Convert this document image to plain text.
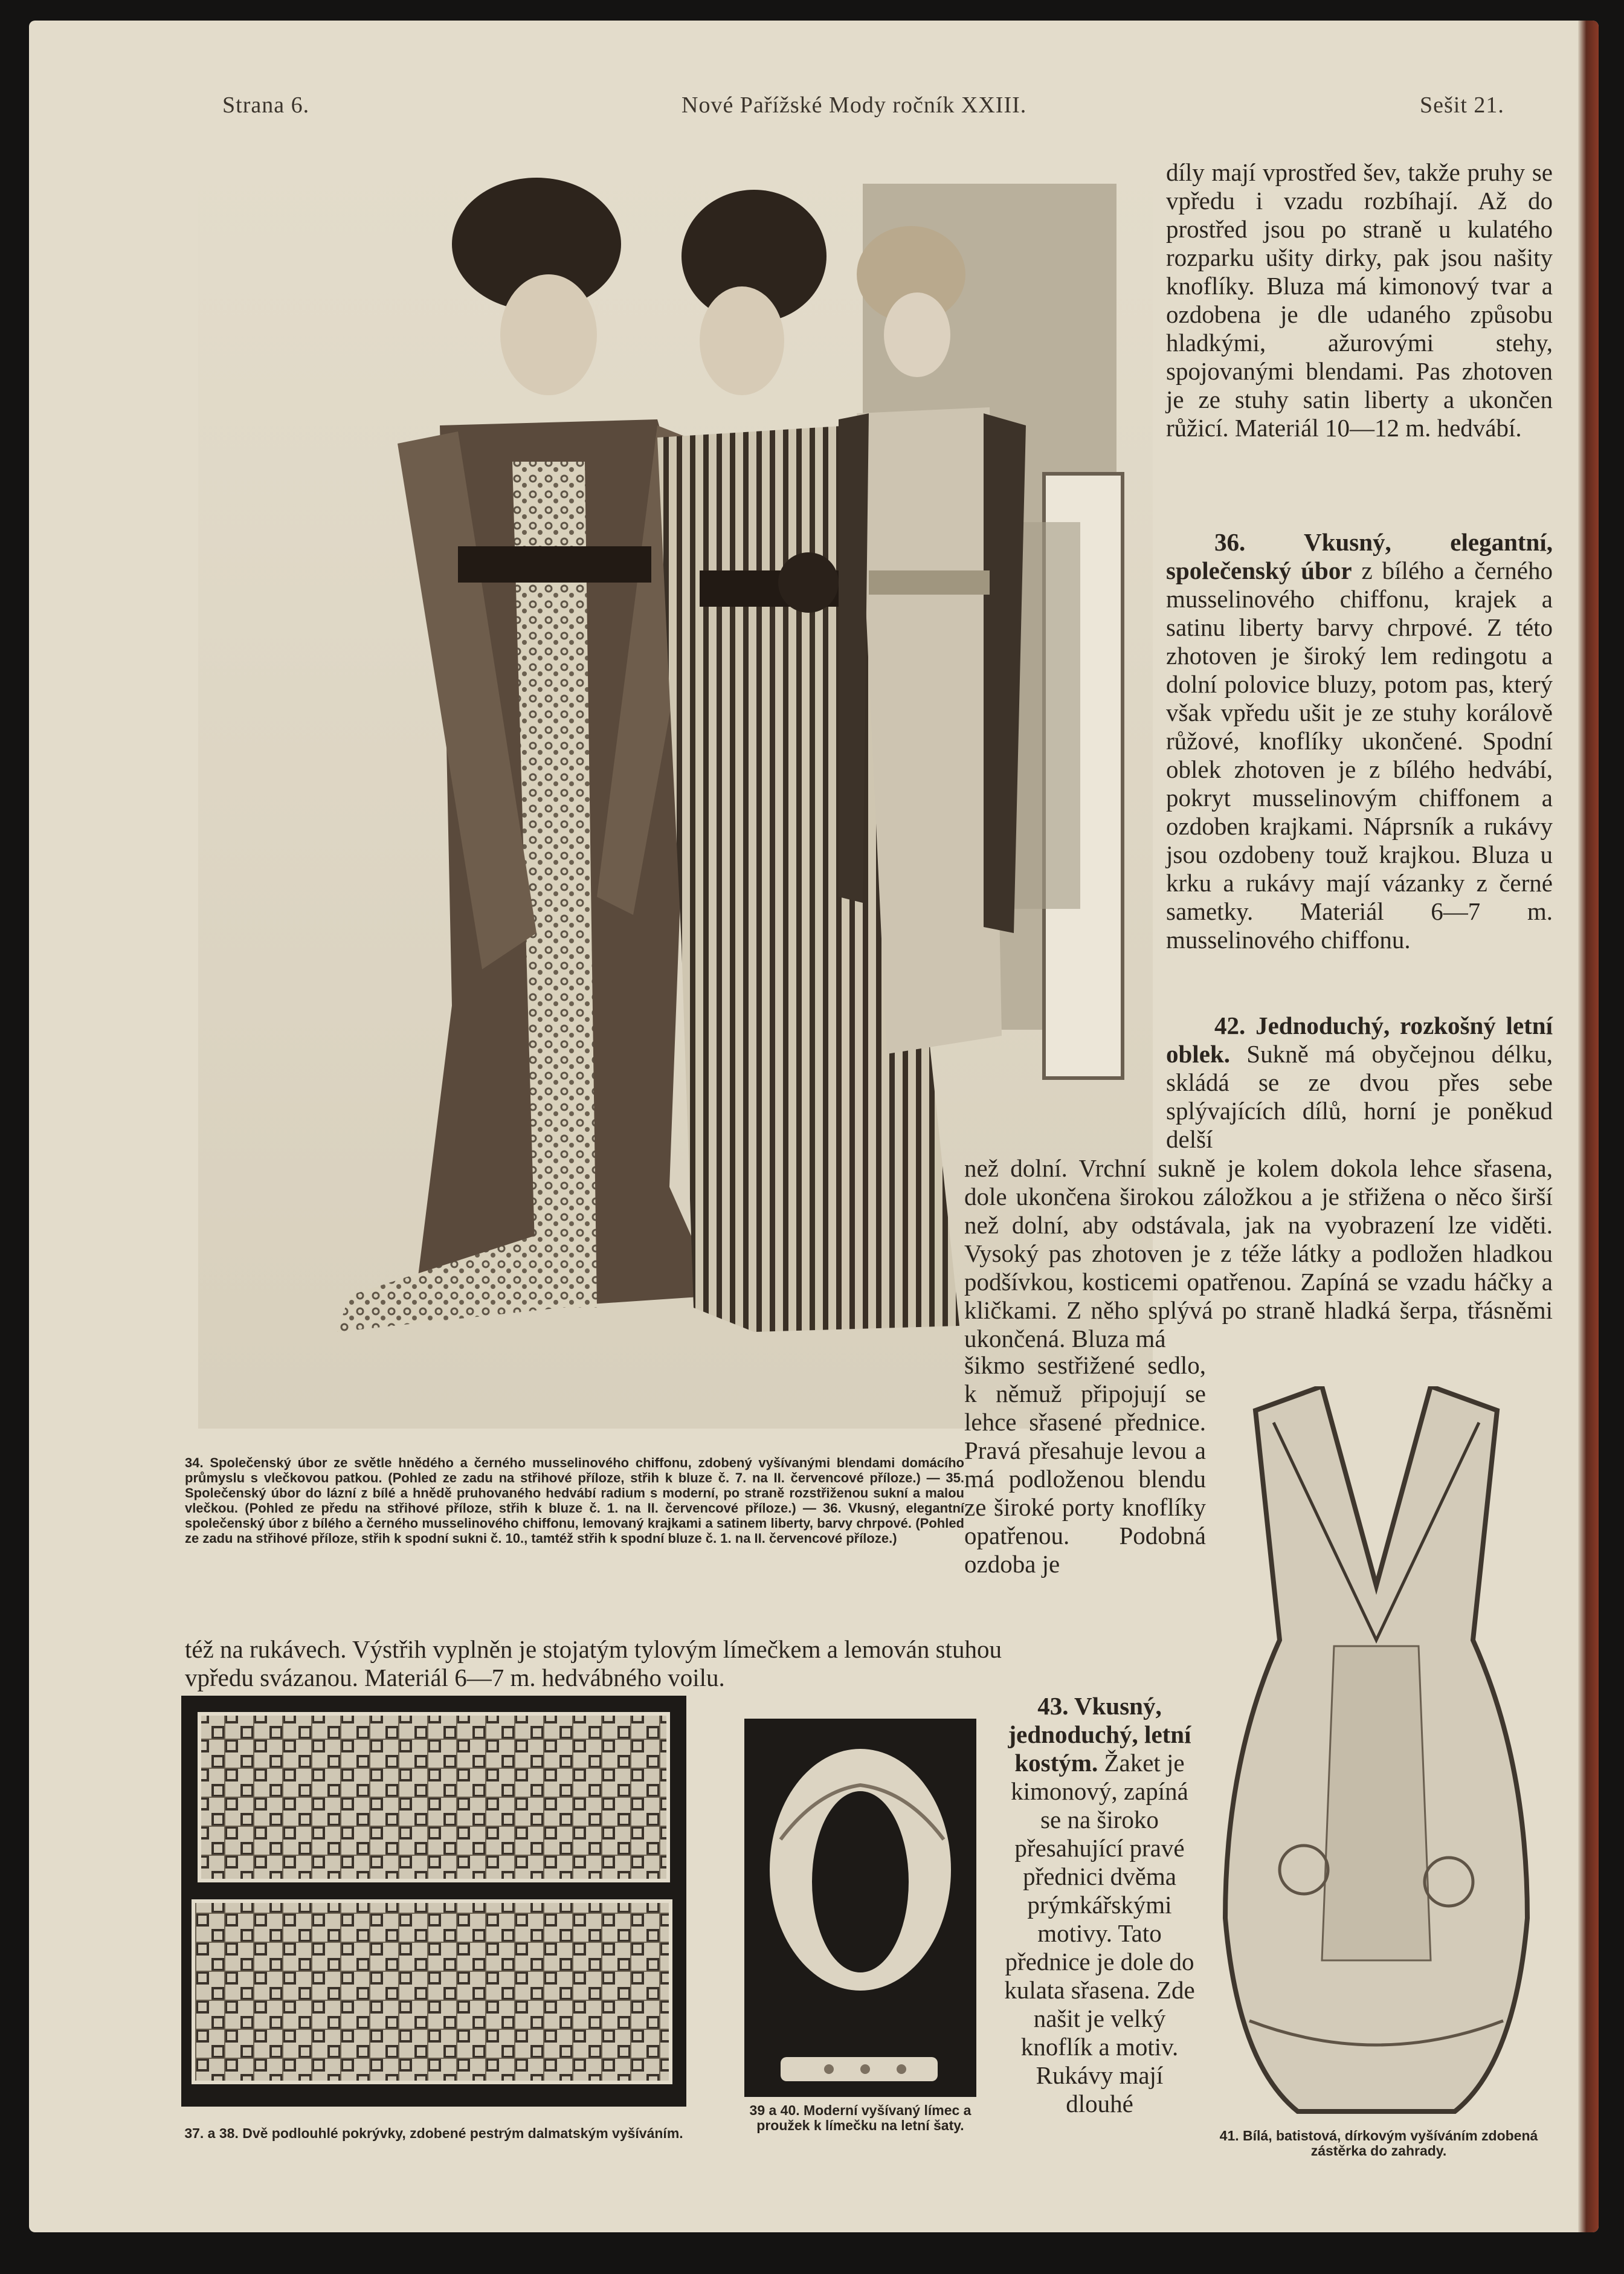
Strana 6.	Nové Pařížské Mody ročník XXIII.	Sešit 21.

díly mají vprostřed šev, takže pruhy se vpředu i vzadu rozbíhají. Až do prostřed jsou po straně u kulatého rozparku ušity dirky, pak jsou našity knoflíky. Bluza má kimonový tvar a ozdobena je dle udaného způsobu hladkými, ažurovými stehy, spojovanými blendami. Pas zhotoven je ze stuhy satin liberty a ukončen růžicí. Materiál 10—12 m. hedvábí.

36. Vkusný, elegantní, společenský úbor z bílého a černého musselinového chiffonu, krajek a satinu liberty barvy chrpové. Z této zhotoven je široký lem redingotu a dolní polovice bluzy, potom pas, který však vpředu ušit je ze stuhy korálově růžové, knoflíky ukončené. Spodní oblek zhotoven je z bílého hedvábí, pokryt musselinovým chiffonem a ozdoben krajkami. Náprsník a rukávy jsou ozdobeny touž krajkou. Bluza u krku a rukávy mají vázanky z černé sametky. Materiál 6—7 m. musselinového chiffonu.

42. Jednoduchý, rozkošný letní oblek. Sukně má obyčejnou délku, skládá se ze dvou přes sebe splývajících dílů, horní je poněkud delší

než dolní. Vrchní sukně je kolem dokola lehce sřasena, dole ukončena širokou záložkou a je střižena o něco širší než dolní, aby odstávala, jak na vyobrazení lze viděti. Vysoký pas zhotoven je z téže látky a podložen hladkou podšívkou, kosticemi opatřenou. Zapíná se vzadu háčky a kličkami. Z něho splývá po straně hladká šerpa, třásněmi ukončená. Bluza má

šikmo sestřižené sedlo, k němuž připojují se lehce sřasené přednice. Pravá přesahuje levou a má podloženou blendu ze široké porty knoflíky opatřenou. Podobná ozdoba je

34. Společenský úbor ze světle hnědého a černého musselinového chiffonu, zdobený vyšívanými blendami domácího průmyslu s vlečkovou patkou. (Pohled ze zadu na střihové příloze, střih k bluze č. 7. na II. červencové příloze.) — 35. Společenský úbor do lázní z bílé a hnědě pruhovaného hedvábí radium s moderní, po straně rozstřiženou sukní a malou vlečkou. (Pohled ze předu na střihové příloze, střih k bluze č. 1. na II. červencové příloze.) — 36. Vkusný, elegantní společenský úbor z bílého a černého musselinového chiffonu, lemovaný krajkami a satinem liberty, barvy chrpové. (Pohled ze zadu na střihové příloze, střih k spodní sukni č. 10., tamtéž střih k spodní bluze č. 1. na II. červencové příloze.)

též na rukávech. Výstřih vyplněn je stojatým tylovým límečkem a lemován stuhou
vpředu svázanou. Materiál 6—7 m. hedvábného voilu.

37. a 38. Dvě podlouhlé pokrývky, zdobené pestrým dalmatským vyšíváním.

39 a 40. Moderní vyšívaný límec a proužek k límečku na letní šaty.

43. Vkusný, jednoduchý, letní kostým. Žaket je kimonový, zapíná se na široko přesahující pravé přednici dvěma prýmkářskými motivy. Tato přednice je dole do kulata sřasena. Zde našit je velký knoflík a motiv. Rukávy mají dlouhé

41. Bílá, batistová, dírkovým vyšíváním zdobená zástěrka do zahrady.
